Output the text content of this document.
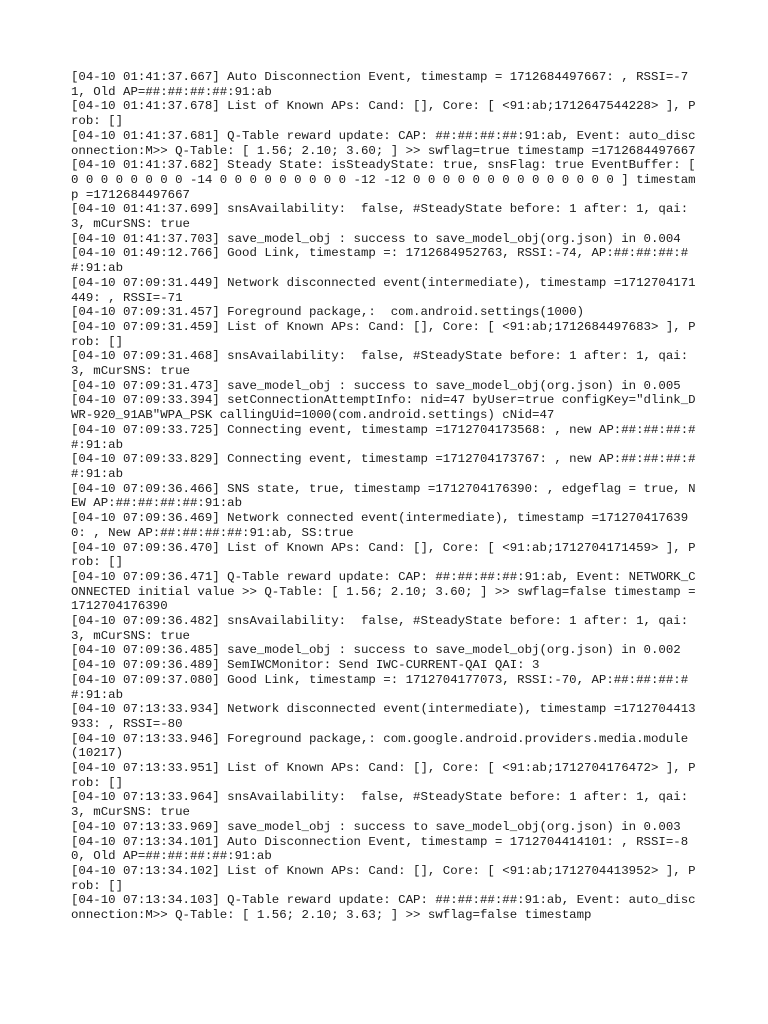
[04-10 01:41:37.667] Auto Disconnection Event, timestamp = 1712684497667: , RSSI=-71, Old AP=##:##:##:##:91:ab

[04-10 01:41:37.678] List of Known APs: Cand: [], Core: [ <91:ab;1712647544228> ], Prob: []

[04-10 01:41:37.681] Q-Table reward update: CAP: ##:##:##:##:91:ab, Event: auto_disconnection:M>> Q-Table: [ 1.56; 2.10; 3.60; ] >> swflag=true timestamp =1712684497667

[04-10 01:41:37.682] Steady State: isSteadyState: true, snsFlag: true EventBuffer: [ 0 0 0 0 0 0 0 0 -14 0 0 0 0 0 0 0 0 0 -12 -12 0 0 0 0 0 0 0 0 0 0 0 0 0 0 ] timestamp =1712684497667

[04-10 01:41:37.699] snsAvailability:  false, #SteadyState before: 1 after: 1, qai: 3, mCurSNS: true

[04-10 01:41:37.703] save_model_obj : success to save_model_obj(org.json) in 0.004

[04-10 01:49:12.766] Good Link, timestamp =: 1712684952763, RSSI:-74, AP:##:##:##:##:91:ab

[04-10 07:09:31.449] Network disconnected event(intermediate), timestamp =1712704171449: , RSSI=-71

[04-10 07:09:31.457] Foreground package,:  com.android.settings(1000)

[04-10 07:09:31.459] List of Known APs: Cand: [], Core: [ <91:ab;1712684497683> ], Prob: []

[04-10 07:09:31.468] snsAvailability:  false, #SteadyState before: 1 after: 1, qai: 3, mCurSNS: true

[04-10 07:09:31.473] save_model_obj : success to save_model_obj(org.json) in 0.005

[04-10 07:09:33.394] setConnectionAttemptInfo: nid=47 byUser=true configKey="dlink_DWR-920_91AB"WPA_PSK callingUid=1000(com.android.settings) cNid=47

[04-10 07:09:33.725] Connecting event, timestamp =1712704173568: , new AP:##:##:##:##:91:ab

[04-10 07:09:33.829] Connecting event, timestamp =1712704173767: , new AP:##:##:##:##:91:ab

[04-10 07:09:36.466] SNS state, true, timestamp =1712704176390: , edgeflag = true, NEW AP:##:##:##:##:91:ab

[04-10 07:09:36.469] Network connected event(intermediate), timestamp =1712704176390: , New AP:##:##:##:##:91:ab, SS:true

[04-10 07:09:36.470] List of Known APs: Cand: [], Core: [ <91:ab;1712704171459> ], Prob: []

[04-10 07:09:36.471] Q-Table reward update: CAP: ##:##:##:##:91:ab, Event: NETWORK_CONNECTED initial value >> Q-Table: [ 1.56; 2.10; 3.60; ] >> swflag=false timestamp =1712704176390

[04-10 07:09:36.482] snsAvailability:  false, #SteadyState before: 1 after: 1, qai: 3, mCurSNS: true

[04-10 07:09:36.485] save_model_obj : success to save_model_obj(org.json) in 0.002

[04-10 07:09:36.489] SemIWCMonitor: Send IWC-CURRENT-QAI QAI: 3

[04-10 07:09:37.080] Good Link, timestamp =: 1712704177073, RSSI:-70, AP:##:##:##:##:91:ab

[04-10 07:13:33.934] Network disconnected event(intermediate), timestamp =1712704413933: , RSSI=-80

[04-10 07:13:33.946] Foreground package,: com.google.android.providers.media.module(10217)

[04-10 07:13:33.951] List of Known APs: Cand: [], Core: [ <91:ab;1712704176472> ], Prob: []

[04-10 07:13:33.964] snsAvailability:  false, #SteadyState before: 1 after: 1, qai: 3, mCurSNS: true

[04-10 07:13:33.969] save_model_obj : success to save_model_obj(org.json) in 0.003

[04-10 07:13:34.101] Auto Disconnection Event, timestamp = 1712704414101: , RSSI=-80, Old AP=##:##:##:##:91:ab

[04-10 07:13:34.102] List of Known APs: Cand: [], Core: [ <91:ab;1712704413952> ], Prob: []

[04-10 07:13:34.103] Q-Table reward update: CAP: ##:##:##:##:91:ab, Event: auto_disconnection:M>> Q-Table: [ 1.56; 2.10; 3.63; ] >> swflag=false timestamp
